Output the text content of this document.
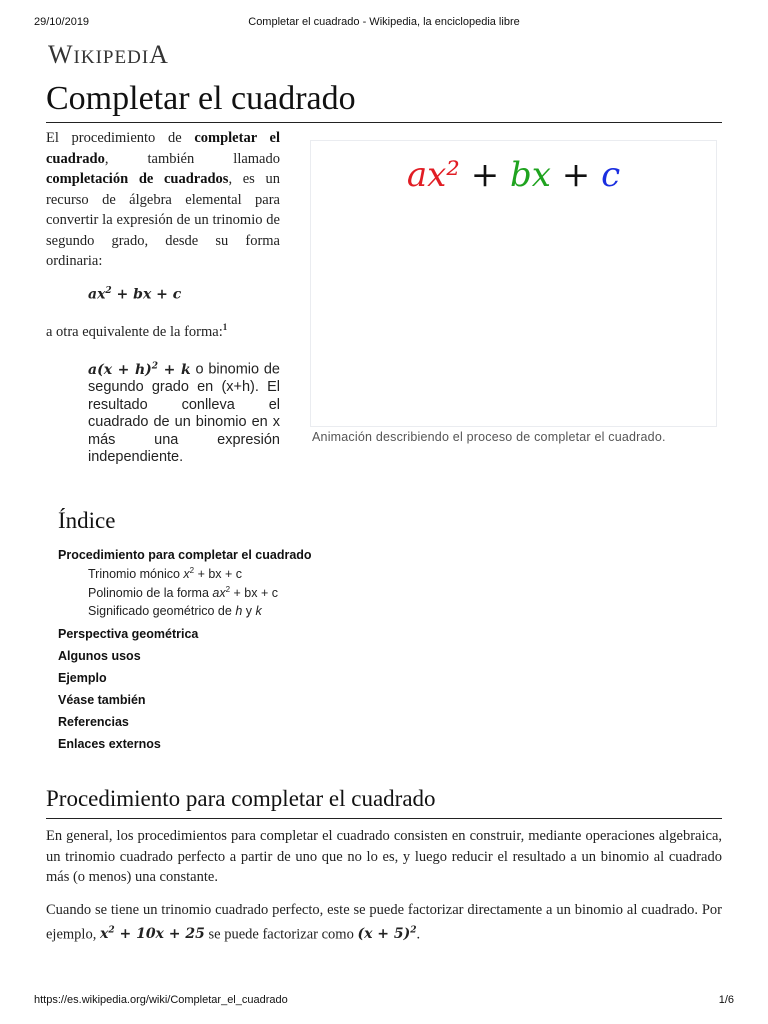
29/10/2019	Completar el cuadrado - Wikipedia, la enciclopedia libre
WIKIPEDIA
Completar el cuadrado
El procedimiento de completar el cuadrado, también llamado completación de cuadrados, es un recurso de álgebra elemental para convertir la expresión de un trinomio de segundo grado, desde su forma ordinaria:
$ax^2$ + bx + c
a otra equivalente de la forma:$^1$
$a(x + h)^2 + k$ o binomio de segundo grado en (x+h). El resultado conlleva el cuadrado de un binomio en x más una expresión independiente.
ax² + bx + c
Animación describiendo el proceso de completar el cuadrado.
Índice
Procedimiento para completar el cuadrado
Trinomio mónico $x^2$ + bx + c
Polinomio de la forma $ax^2$ + bx + c
Significado geométrico de h y k
Perspectiva geométrica
Algunos usos
Ejemplo
Véase también
Referencias
Enlaces externos
Procedimiento para completar el cuadrado
En general, los procedimientos para completar el cuadrado consisten en construir, mediante operaciones algebraica, un trinomio cuadrado perfecto a partir de uno que no lo es, y luego reducir el resultado a un binomio al cuadrado más (o menos) una constante.
Cuando se tiene un trinomio cuadrado perfecto, este se puede factorizar directamente a un binomio al cuadrado. Por ejemplo, $x^2 + 10x + 25$ se puede factorizar como $(x + 5)^2$.
https://es.wikipedia.org/wiki/Completar_el_cuadrado	1/6
